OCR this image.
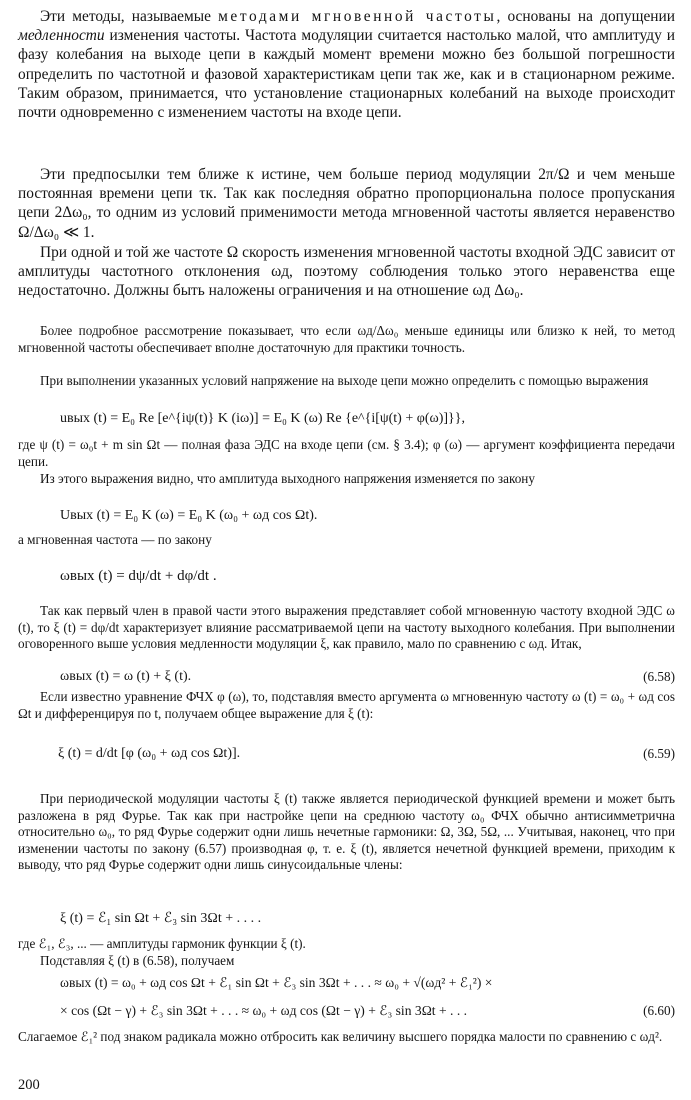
Эти методы, называемые методами мгновенной частоты, основаны на допущении медленности изменения частоты. Частота модуляции считается настолько малой, что амплитуду и фазу колебания на выходе цепи в каждый момент времени можно без большой погрешности определить по частотной и фазовой характеристикам цепи так же, как и в стационарном режиме. Таким образом, принимается, что установление стационарных колебаний на выходе происходит почти одновременно с изменением частоты на входе цепи.

Эти предпосылки тем ближе к истине, чем больше период модуляции 2π/Ω и чем меньше постоянная времени цепи τк. Так как последняя обратно пропорциональна полосе пропускания цепи 2Δω₀, то одним из условий применимости метода мгновенной частоты является неравенство Ω/Δω₀ ≪ 1.

При одной и той же частоте Ω скорость изменения мгновенной частоты входной ЭДС зависит от амплитуды частотного отклонения ωд, поэтому соблюдения только этого неравенства еще недостаточно. Должны быть наложены ограничения и на отношение ωд Δω₀.

Более подробное рассмотрение показывает, что если ωд/Δω₀ меньше единицы или близко к ней, то метод мгновенной частоты обеспечивает вполне достаточную для практики точность.

При выполнении указанных условий напряжение на выходе цепи можно определить с помощью выражения

uвых (t) = E₀ Re [e^{iψ(t)} K (iω)] = E₀ K (ω) Re {e^{i[ψ(t) + φ(ω)]}},

где ψ (t) = ω₀t + m sin Ωt — полная фаза ЭДС на входе цепи (см. § 3.4); φ (ω) — аргумент коэффициента передачи цепи.

Из этого выражения видно, что амплитуда выходного напряжения изменяется по закону

Uвых (t) = E₀ K (ω) = E₀ K (ω₀ + ωд cos Ωt).

а мгновенная частота — по закону

ωвых (t) = dψ/dt + dφ/dt .

Так как первый член в правой части этого выражения представляет собой мгновенную частоту входной ЭДС ω (t), то ξ (t) = dφ/dt характеризует влияние рассматриваемой цепи на частоту выходного колебания. При выполнении оговоренного выше условия медленности модуляции ξ, как правило, мало по сравнению с ωд. Итак,

ωвых (t) = ω (t) + ξ (t).	(6.58)

Если известно уравнение ФЧХ φ (ω), то, подставляя вместо аргумента ω мгновенную частоту ω (t) = ω₀ + ωд cos Ωt и дифференцируя по t, получаем общее выражение для ξ (t):

ξ (t) = d/dt [φ (ω₀ + ωд cos Ωt)].	(6.59)

При периодической модуляции частоты ξ (t) также является периодической функцией времени и может быть разложена в ряд Фурье. Так как при настройке цепи на среднюю частоту ω₀ ФЧХ обычно антисимметрична относительно ω₀, то ряд Фурье содержит одни лишь нечетные гармоники: Ω, 3Ω, 5Ω, ... Учитывая, наконец, что при изменении частоты по закону (6.57) производная φ, т. е. ξ (t), является нечетной функцией времени, приходим к выводу, что ряд Фурье содержит одни лишь синусоидальные члены:

ξ (t) = ℰ₁ sin Ωt + ℰ₃ sin 3Ωt + . . . .

где ℰ₁, ℰ₃, ... — амплитуды гармоник функции ξ (t).

Подставляя ξ (t) в (6.58), получаем

ωвых (t) = ω₀ + ωд cos Ωt + ℰ₁ sin Ωt + ℰ₃ sin 3Ωt + . . . ≈ ω₀ + √(ωд² + ℰ₁²) ×
× cos (Ωt − γ) + ℰ₃ sin 3Ωt + . . . ≈ ω₀ + ωд cos (Ωt − γ) + ℰ₃ sin 3Ωt + . . .	(6.60)

Слагаемое ℰ₁² под знаком радикала можно отбросить как величину высшего порядка малости по сравнению с ωд².

200
